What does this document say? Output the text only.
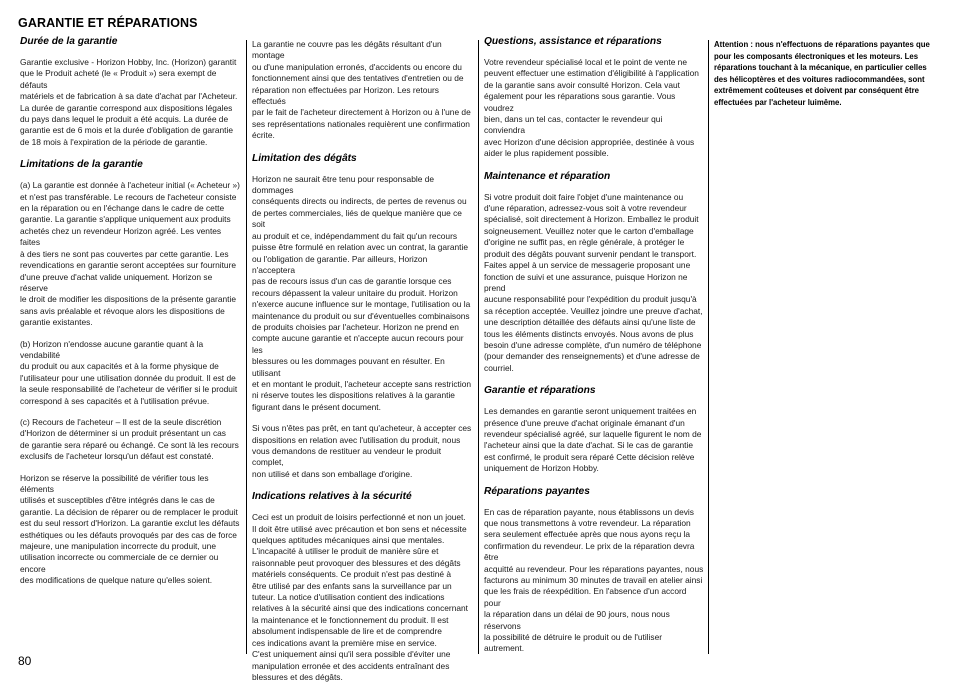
GARANTIE ET RÉPARATIONS
Durée de la garantie
Garantie exclusive - Horizon Hobby, Inc. (Horizon) garantit
que le Produit acheté (le « Produit ») sera exempt de défauts
matériels et de fabrication à sa date d'achat par l'Acheteur.
La durée de garantie correspond aux dispositions légales
du pays dans lequel le produit a été acquis. La durée de
garantie est de 6 mois et la durée d'obligation de garantie
de 18 mois à l'expiration de la période de garantie.
Limitations de la garantie
(a) La garantie est donnée à l'acheteur initial (« Acheteur »)
et n'est pas transférable. Le recours de l'acheteur consiste
en la réparation ou en l'échange dans le cadre de cette
garantie. La garantie s'applique uniquement aux produits
achetés chez un revendeur Horizon agréé. Les ventes faites
à des tiers ne sont pas couvertes par cette garantie. Les
revendications en garantie seront acceptées sur fourniture
d'une preuve d'achat valide uniquement. Horizon se réserve
le droit de modifier les dispositions de la présente garantie
sans avis préalable et révoque alors les dispositions de
garantie existantes.
(b) Horizon n'endosse aucune garantie quant à la vendabilité
du produit ou aux capacités et à la forme physique de
l'utilisateur pour une utilisation donnée du produit. Il est de
la seule responsabilité de l'acheteur de vérifier si le produit
correspond à ses capacités et à l'utilisation prévue.
(c) Recours de l'acheteur – Il est de la seule discrétion
d'Horizon de déterminer si un produit présentant un cas
de garantie sera réparé ou échangé. Ce sont là les recours
exclusifs de l'acheteur lorsqu'un défaut est constaté.
Horizon se réserve la possibilité de vérifier tous les éléments
utilisés et susceptibles d'être intégrés dans le cas de
garantie. La décision de réparer ou de remplacer le produit
est du seul ressort d'Horizon. La garantie exclut les défauts
esthétiques ou les défauts provoqués par des cas de force
majeure, une manipulation incorrecte du produit, une
utilisation incorrecte ou commerciale de ce dernier ou encore
des modifications de quelque nature qu'elles soient.
La garantie ne couvre pas les dégâts résultant d'un montage
ou d'une manipulation erronés, d'accidents ou encore du
fonctionnement ainsi que des tentatives d'entretien ou de
réparation non effectuées par Horizon. Les retours effectués
par le fait de l'acheteur directement à Horizon ou à l'une de
ses représentations nationales requièrent une confirmation
écrite.
Limitation des dégâts
Horizon ne saurait être tenu pour responsable de dommages
conséquents directs ou indirects, de pertes de revenus ou
de pertes commerciales, liés de quelque manière que ce soit
au produit et ce, indépendamment du fait qu'un recours
puisse être formulé en relation avec un contrat, la garantie
ou l'obligation de garantie. Par ailleurs, Horizon n'acceptera
pas de recours issus d'un cas de garantie lorsque ces
recours dépassent la valeur unitaire du produit. Horizon
n'exerce aucune influence sur le montage, l'utilisation ou la
maintenance du produit ou sur d'éventuelles combinaisons
de produits choisies par l'acheteur. Horizon ne prend en
compte aucune garantie et n'accepte aucun recours pour les
blessures ou les dommages pouvant en résulter. En utilisant
et en montant le produit, l'acheteur accepte sans restriction
ni réserve toutes les dispositions relatives à la garantie
figurant dans le présent document.
Si vous n'êtes pas prêt, en tant qu'acheteur, à accepter ces
dispositions en relation avec l'utilisation du produit, nous
vous demandons de restituer au vendeur le produit complet,
non utilisé et dans son emballage d'origine.
Indications relatives à la sécurité
Ceci est un produit de loisirs perfectionné et non un jouet.
Il doit être utilisé avec précaution et bon sens et nécessite
quelques aptitudes mécaniques ainsi que mentales.
L'incapacité à utiliser le produit de manière sûre et
raisonnable peut provoquer des blessures et des dégâts
matériels conséquents. Ce produit n'est pas destiné à
être utilisé par des enfants sans la surveillance par un
tuteur. La notice d'utilisation contient des indications
relatives à la sécurité ainsi que des indications concernant
la maintenance et le fonctionnement du produit. Il est
absolument indispensable de lire et de comprendre
ces indications avant la première mise en service.
C'est uniquement ainsi qu'il sera possible d'éviter une
manipulation erronée et des accidents entraînant des
blessures et des dégâts.
Questions, assistance et réparations
Votre revendeur spécialisé local et le point de vente ne
peuvent effectuer une estimation d'éligibilité à l'application
de la garantie sans avoir consulté Horizon. Cela vaut
également pour les réparations sous garantie. Vous voudrez
bien, dans un tel cas, contacter le revendeur qui conviendra
avec Horizon d'une décision appropriée, destinée à vous
aider le plus rapidement possible.
Maintenance et réparation
Si votre produit doit faire l'objet d'une maintenance ou
d'une réparation, adressez-vous soit à votre revendeur
spécialisé, soit directement à Horizon. Emballez le produit
soigneusement. Veuillez noter que le carton d'emballage
d'origine ne suffit pas, en règle générale, à protéger le
produit des dégâts pouvant survenir pendant le transport.
Faites appel à un service de messagerie proposant une
fonction de suivi et une assurance, puisque Horizon ne prend
aucune responsabilité pour l'expédition du produit jusqu'à
sa réception acceptée. Veuillez joindre une preuve d'achat,
une description détaillée des défauts ainsi qu'une liste de
tous les éléments distincts envoyés. Nous avons de plus
besoin d'une adresse complète, d'un numéro de téléphone
(pour demander des renseignements) et d'une adresse de
courriel.
Garantie et réparations
Les demandes en garantie seront uniquement traitées en
présence d'une preuve d'achat originale émanant d'un
revendeur spécialisé agréé, sur laquelle figurent le nom de
l'acheteur ainsi que la date d'achat. Si le cas de garantie
est confirmé, le produit sera réparé Cette décision relève
uniquement de Horizon Hobby.
Réparations payantes
En cas de réparation payante, nous établissons un devis
que nous transmettons à votre revendeur. La réparation
sera seulement effectuée après que nous ayons reçu la
confirmation du revendeur. Le prix de la réparation devra être
acquitté au revendeur. Pour les réparations payantes, nous
facturons au minimum 30 minutes de travail en atelier ainsi
que les frais de réexpédition. En l'absence d'un accord pour
la réparation dans un délai de 90 jours, nous nous réservons
la possibilité de détruire le produit ou de l'utiliser autrement.
Attention : nous n'effectuons de réparations payantes que
pour les composants électroniques et les moteurs. Les
réparations touchant à la mécanique, en particulier celles
des hélicoptères et des voitures radiocommandées, sont
extrêmement coûteuses et doivent par conséquent être
effectuées par l'acheteur luimême.
80
